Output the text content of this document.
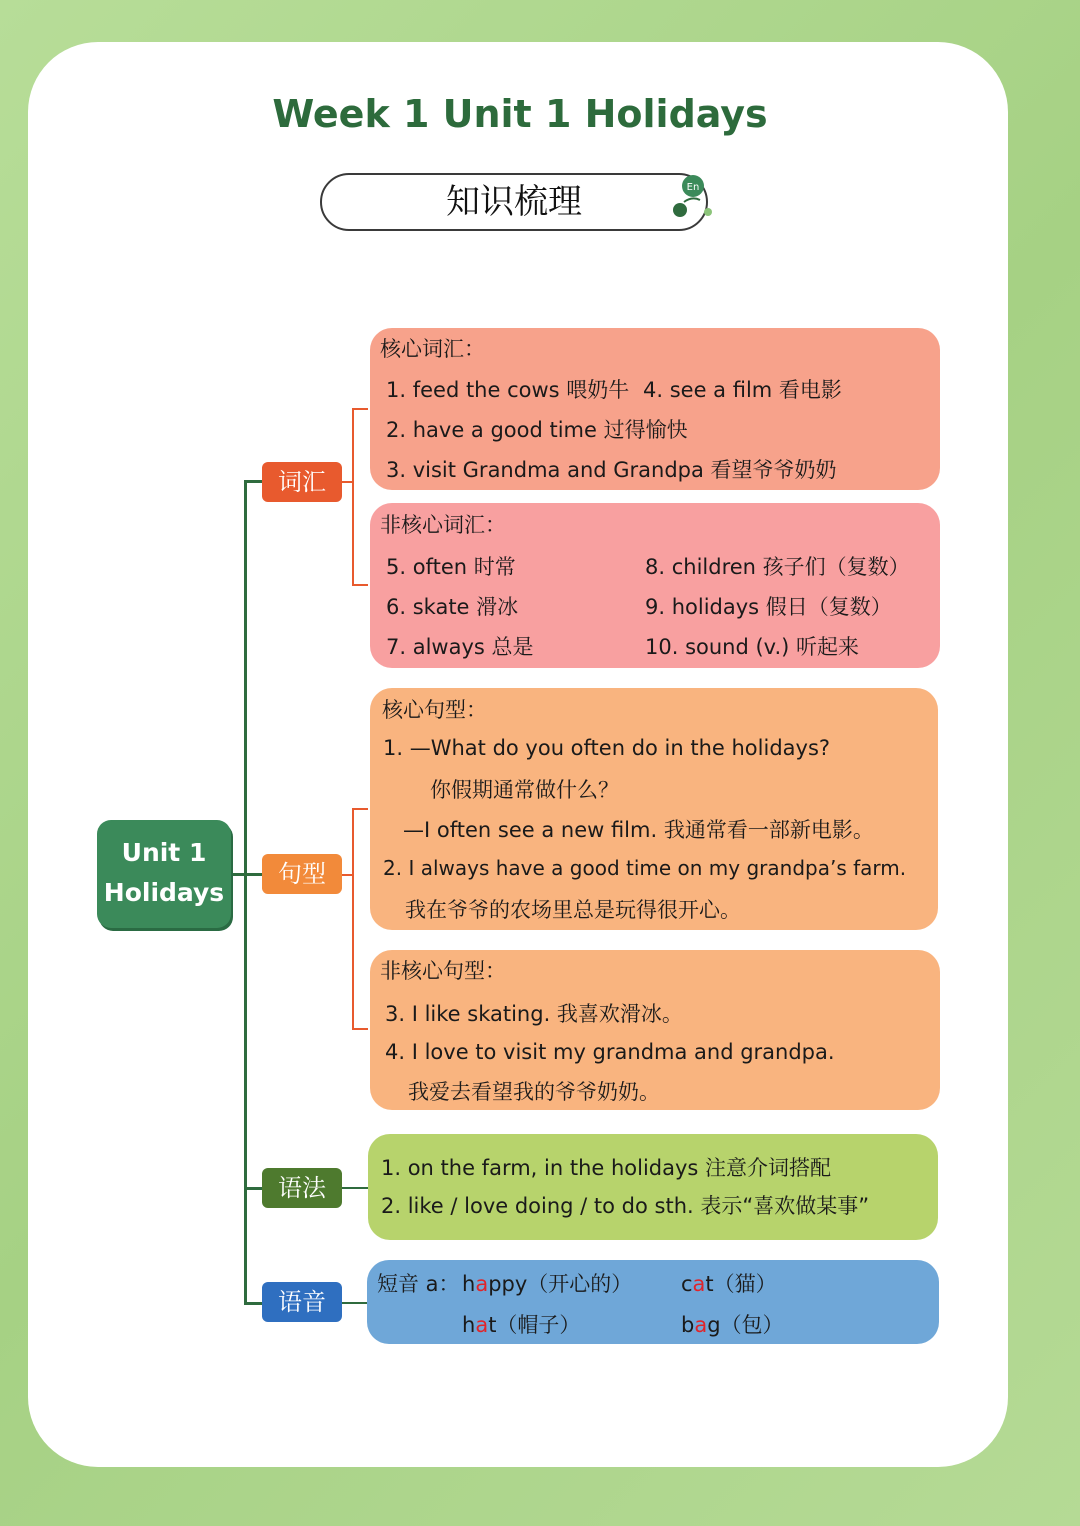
Week 1 Unit 1 Holidays
知识梳理	En
Unit 1
Holidays
词汇
句型
语法
语音
核心词汇：
1. feed the cows 喂奶牛 4. see a film 看电影
2. have a good time 过得愉快
3. visit Grandma and Grandpa 看望爷爷奶奶
非核心词汇：
5. often 时常	8. children 孩子们（复数）
6. skate 滑冰	9. holidays 假日（复数）
7. always 总是	10. sound (v.) 听起来
核心句型：
1. —What do you often do in the holidays?
你假期通常做什么？
—I often see a new film. 我通常看一部新电影。
2. I always have a good time on my grandpa’s farm.
我在爷爷的农场里总是玩得很开心。
非核心句型：
3. I like skating. 我喜欢滑冰。
4. I love to visit my grandma and grandpa.
我爱去看望我的爷爷奶奶。
1. on the farm, in the holidays 注意介词搭配
2. like / love doing / to do sth. 表示“喜欢做某事”
短音 a： happy（开心的） cat（猫）
hat（帽子）	bag（包）
